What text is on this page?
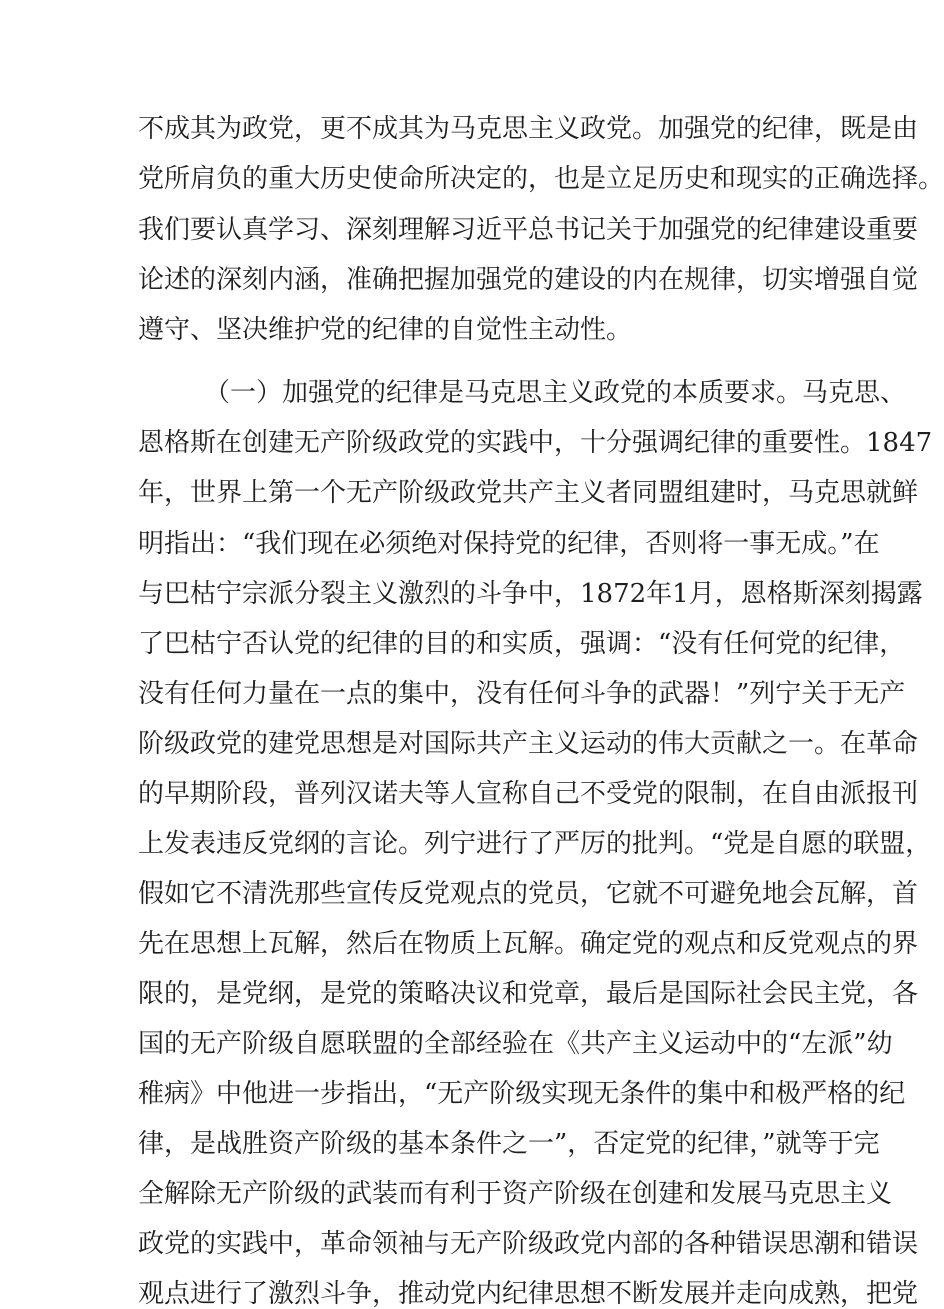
不成其为政党，更不成其为马克思主义政党。加强党的纪律，既是由
党所肩负的重大历史使命所决定的，也是立足历史和现实的正确选择。
我们要认真学习、深刻理解习近平总书记关于加强党的纪律建设重要
论述的深刻内涵，准确把握加强党的建设的内在规律，切实增强自觉
遵守、坚决维护党的纪律的自觉性主动性。
（一）加强党的纪律是马克思主义政党的本质要求。马克思、
恩格斯在创建无产阶级政党的实践中，十分强调纪律的重要性。1847
年，世界上第一个无产阶级政党共产主义者同盟组建时，马克思就鲜
明指出：“我们现在必须绝对保持党的纪律，否则将一事无成。”在
与巴枯宁宗派分裂主义激烈的斗争中，1872年1月，恩格斯深刻揭露
了巴枯宁否认党的纪律的目的和实质，强调：“没有任何党的纪律，
没有任何力量在一点的集中，没有任何斗争的武器！”列宁关于无产
阶级政党的建党思想是对国际共产主义运动的伟大贡献之一。在革命
的早期阶段，普列汉诺夫等人宣称自己不受党的限制，在自由派报刊
上发表违反党纲的言论。列宁进行了严厉的批判。“党是自愿的联盟，
假如它不清洗那些宣传反党观点的党员，它就不可避免地会瓦解，首
先在思想上瓦解，然后在物质上瓦解。确定党的观点和反党观点的界
限的，是党纲，是党的策略决议和党章，最后是国际社会民主党，各
国的无产阶级自愿联盟的全部经验在《共产主义运动中的“左派”幼
稚病》中他进一步指出，“无产阶级实现无条件的集中和极严格的纪
律，是战胜资产阶级的基本条件之一”，否定党的纪律，”就等于完
全解除无产阶级的武装而有利于资产阶级在创建和发展马克思主义
政党的实践中，革命领袖与无产阶级政党内部的各种错误思潮和错误
观点进行了激烈斗争，推动党内纪律思想不断发展并走向成熟，把党
